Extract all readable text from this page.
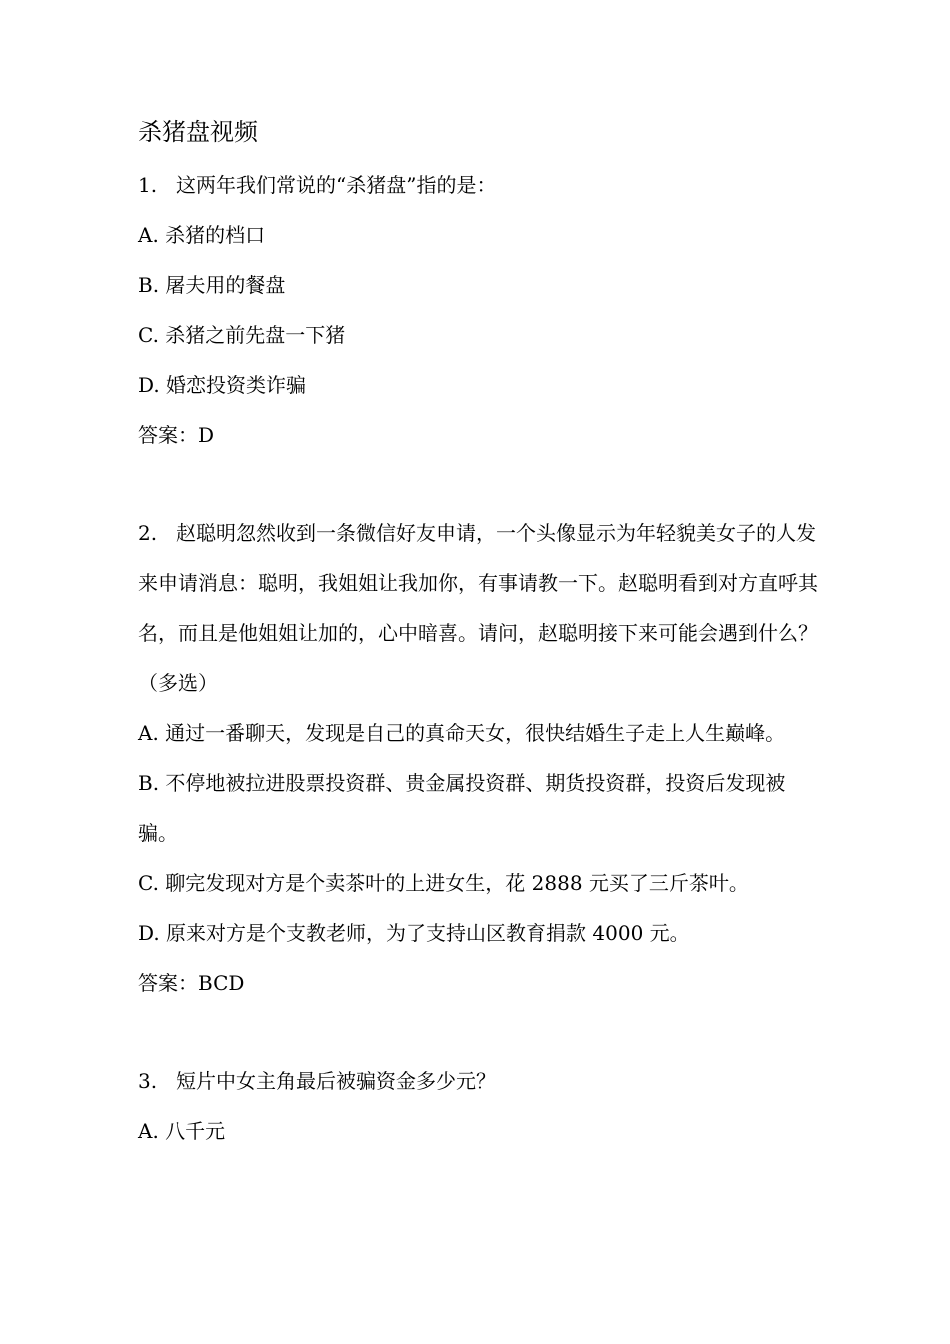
杀猪盘视频
1. 这两年我们常说的“杀猪盘”指的是：
A. 杀猪的档口
B. 屠夫用的餐盘
C. 杀猪之前先盘一下猪
D. 婚恋投资类诈骗
答案：D
2. 赵聪明忽然收到一条微信好友申请，一个头像显示为年轻貌美女子的人发来申请消息：聪明，我姐姐让我加你，有事请教一下。赵聪明看到对方直呼其名，而且是他姐姐让加的，心中暗喜。请问，赵聪明接下来可能会遇到什么？（多选）
A. 通过一番聊天，发现是自己的真命天女，很快结婚生子走上人生巅峰。
B. 不停地被拉进股票投资群、贵金属投资群、期货投资群，投资后发现被骗。
C. 聊完发现对方是个卖茶叶的上进女生，花 2888 元买了三斤茶叶。
D. 原来对方是个支教老师，为了支持山区教育捐款 4000 元。
答案：BCD
3. 短片中女主角最后被骗资金多少元？
A. 八千元
